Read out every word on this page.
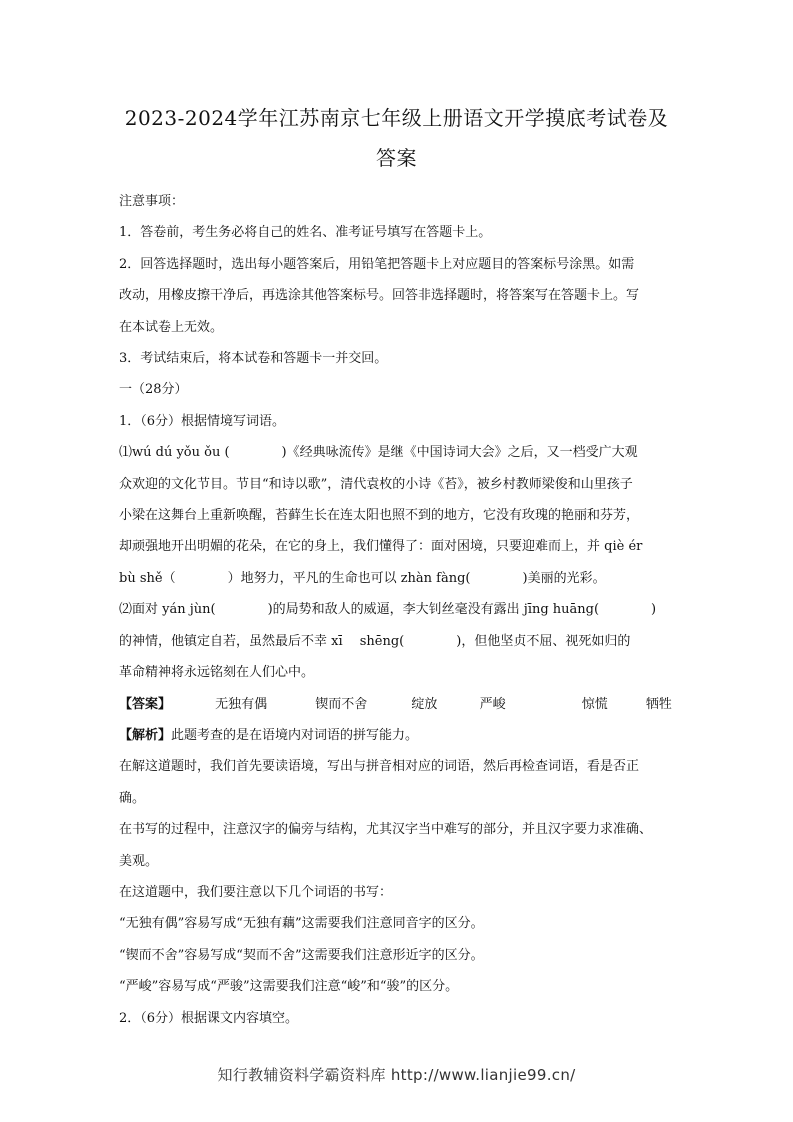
2023-2024学年江苏南京七年级上册语文开学摸底考试卷及
答案

注意事项：

1．答卷前，考生务必将自己的姓名、准考证号填写在答题卡上。

2．回答选择题时，选出每小题答案后，用铅笔把答题卡上对应题目的答案标号涂黑。如需

改动，用橡皮擦干净后，再选涂其他答案标号。回答非选择题时，将答案写在答题卡上。写

在本试卷上无效。

3．考试结束后，将本试卷和答题卡一并交回。

一（28分）

1．（6分）根据情境写词语。

⑴wú dú yǒu ǒu (　　　　)《经典咏流传》是继《中国诗词大会》之后，又一档受广大观

众欢迎的文化节目。节目“和诗以歌”，清代袁枚的小诗《苔》，被乡村教师梁俊和山里孩子

小梁在这舞台上重新唤醒，苔藓生长在连太阳也照不到的地方，它没有玫瑰的艳丽和芬芳，

却顽强地开出明媚的花朵，在它的身上，我们懂得了：面对困境，只要迎难而上，并 qiè ér

bù shě（　　　　）地努力，平凡的生命也可以 zhàn fàng(　　　　)美丽的光彩。

⑵面对 yán jùn(　　　　)的局势和敌人的威逼，李大钊丝毫没有露出 jīng huāng(　　　　)

的神情，他镇定自若，虽然最后不幸 xī　 shēng(　　　　)，但他坚贞不屈、视死如归的

革命精神将永远铭刻在人们心中。

【答案】	无独有偶	锲而不舍	绽放	严峻	惊慌	牺牲

【解析】此题考查的是在语境内对词语的拼写能力。

在解这道题时，我们首先要读语境，写出与拼音相对应的词语，然后再检查词语，看是否正

确。

在书写的过程中，注意汉字的偏旁与结构，尤其汉字当中难写的部分，并且汉字要力求准确、

美观。

在这道题中，我们要注意以下几个词语的书写：

“无独有偶”容易写成“无独有藕”这需要我们注意同音字的区分。

“锲而不舍”容易写成“契而不舍”这需要我们注意形近字的区分。

“严峻”容易写成“严骏”这需要我们注意“峻”和“骏”的区分。

2．（6分）根据课文内容填空。

知行教辅资料学霸资料库 http://www.lianjie99.cn/
